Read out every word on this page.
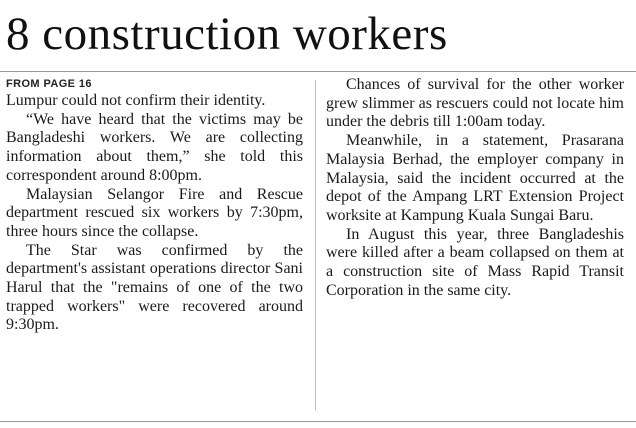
8 construction workers
FROM PAGE 16

Lumpur could not confirm their identity.

“We have heard that the victims may be Bangladeshi workers. We are collecting information about them,” she told this correspondent around 8:00pm.

Malaysian Selangor Fire and Rescue department rescued six workers by 7:30pm, three hours since the collapse.

The Star was confirmed by the department's assistant operations director Sani Harul that the "remains of one of the two trapped workers" were recovered around 9:30pm.

Chances of survival for the other worker grew slimmer as rescuers could not locate him under the debris till 1:00am today.

Meanwhile, in a statement, Prasarana Malaysia Berhad, the employer company in Malaysia, said the incident occurred at the depot of the Ampang LRT Extension Project worksite at Kampung Kuala Sungai Baru.

In August this year, three Bangladeshis were killed after a beam collapsed on them at a construction site of Mass Rapid Transit Corporation in the same city.
